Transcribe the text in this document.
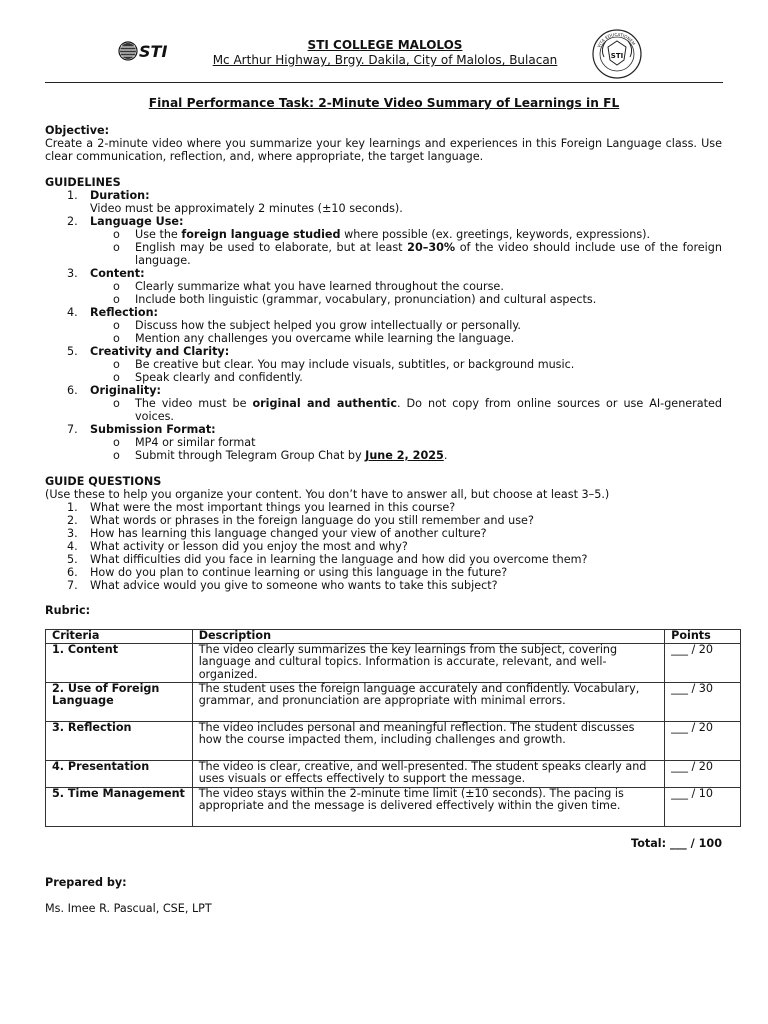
STI	STI COLLEGE MALOLOS
Mc Arthur Highway, Brgy. Dakila, City of Malolos, Bulacan	STI
VITA EDUCATIONEM
Final Performance Task: 2-Minute Video Summary of Learnings in FL
Objective:
Create a 2-minute video where you summarize your key learnings and experiences in this Foreign Language class. Use clear communication, reflection, and, where appropriate, the target language.
GUIDELINES
1.	Duration:
Video must be approximately 2 minutes (±10 seconds).
2.	Language Use:
o Use the foreign language studied where possible (ex. greetings, keywords, expressions).
o English may be used to elaborate, but at least 20–30% of the video should include use of the foreign language.
3.	Content:
o Clearly summarize what you have learned throughout the course.
o Include both linguistic (grammar, vocabulary, pronunciation) and cultural aspects.
4.	Reflection:
o Discuss how the subject helped you grow intellectually or personally.
o Mention any challenges you overcame while learning the language.
5.	Creativity and Clarity:
o Be creative but clear. You may include visuals, subtitles, or background music.
o Speak clearly and confidently.
6.	Originality:
o The video must be original and authentic. Do not copy from online sources or use AI-generated voices.
7.	Submission Format:
o MP4 or similar format
o Submit through Telegram Group Chat by June 2, 2025.
GUIDE QUESTIONS
(Use these to help you organize your content. You don’t have to answer all, but choose at least 3–5.)
1.	What were the most important things you learned in this course?
2.	What words or phrases in the foreign language do you still remember and use?
3.	How has learning this language changed your view of another culture?
4.	What activity or lesson did you enjoy the most and why?
5.	What difficulties did you face in learning the language and how did you overcome them?
6.	How do you plan to continue learning or using this language in the future?
7.	What advice would you give to someone who wants to take this subject?
Rubric:
Criteria	Description	Points
1. Content	The video clearly summarizes the key learnings from the subject, covering language and cultural topics. Information is accurate, relevant, and well-organized.	___ / 20
2. Use of Foreign Language	The student uses the foreign language accurately and confidently. Vocabulary, grammar, and pronunciation are appropriate with minimal errors.	___ / 30
3. Reflection	The video includes personal and meaningful reflection. The student discusses how the course impacted them, including challenges and growth.	___ / 20
4. Presentation	The video is clear, creative, and well-presented. The student speaks clearly and uses visuals or effects effectively to support the message.	___ / 20
5. Time Management	The video stays within the 2-minute time limit (±10 seconds). The pacing is appropriate and the message is delivered effectively within the given time.	___ / 10
Total: ___ / 100
Prepared by:
Ms. Imee R. Pascual, CSE, LPT
